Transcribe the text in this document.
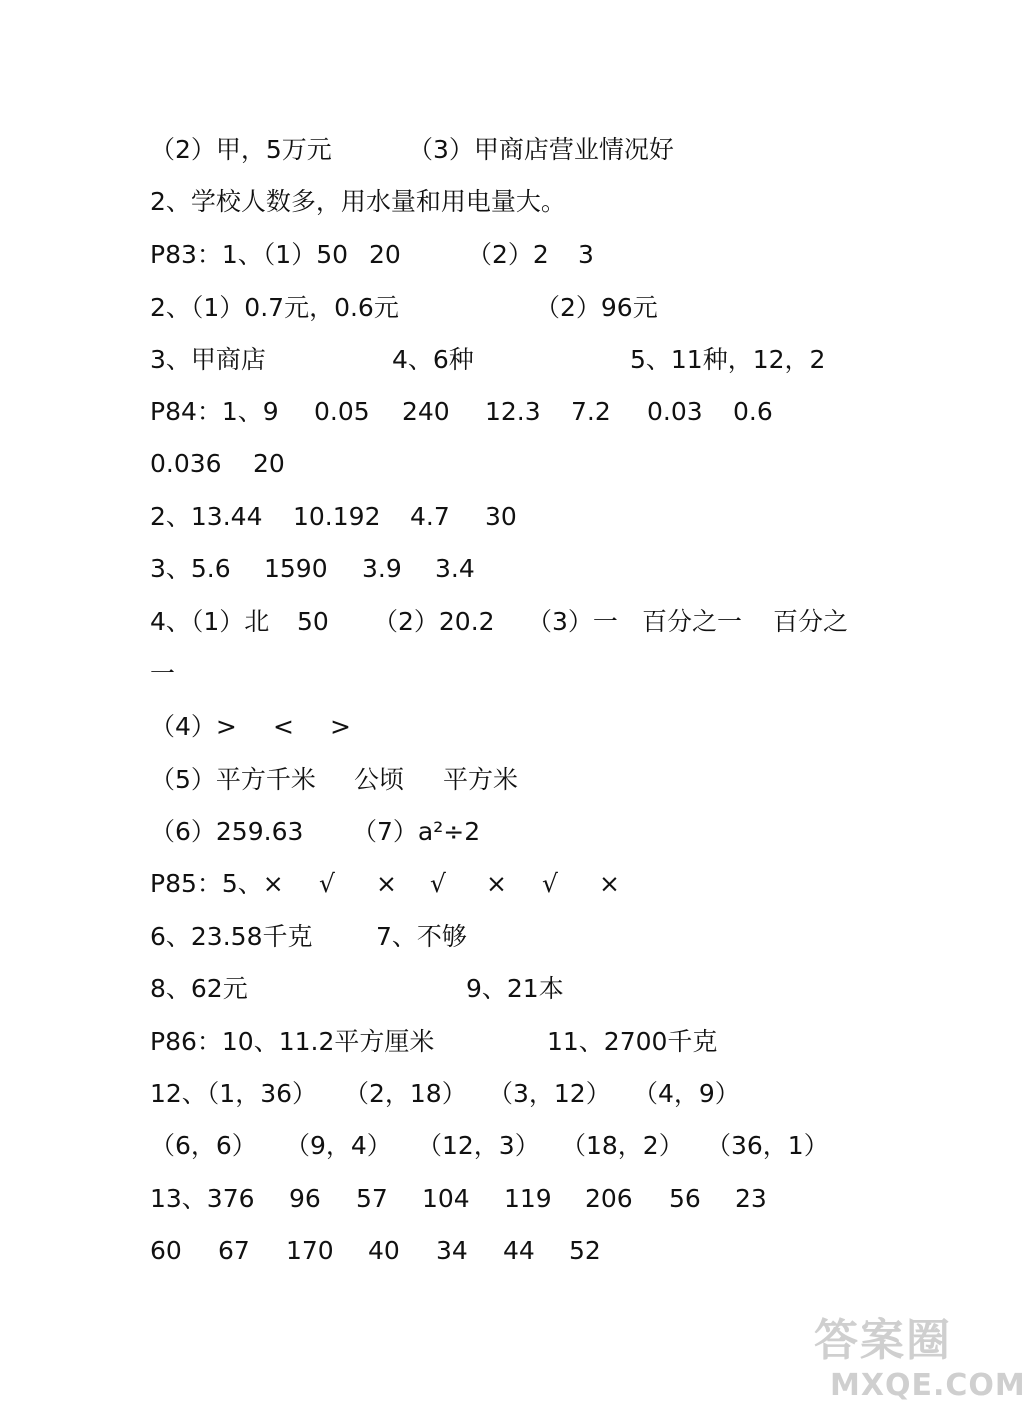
（2）甲，5万元	（3）甲商店营业情况好
2、学校人数多，用水量和用电量大。
P83：1、（1）50 20	（2）2 3
2、（1）0.7元，0.6元	（2）96元
3、甲商店	4、6种	5、11种，12，2
P84：1、9 0.05 240 12.3 7.2 0.03 0.6
0.036 20
2、13.44 10.192 4.7 30
3、5.6 1590 3.9 3.4
4、（1）北 50 （2）20.2 （3）一 百分之一 百分之
一
（4）> < >
（5）平方千米 公顷 平方米
（6）259.63 （7）a²÷2
P85：5、× √ × √ × √ ×
6、23.58千克	7、不够
8、62元	9、21本
P86：10、11.2平方厘米	11、2700千克
12、（1，36） （2，18） （3，12） （4，9）
（6，6） （9，4） （12，3） （18，2） （36，1）
13、376 96 57 104 119 206 56 23
60 67 170 40 34 44 52
答案圈
MXQE.COM
